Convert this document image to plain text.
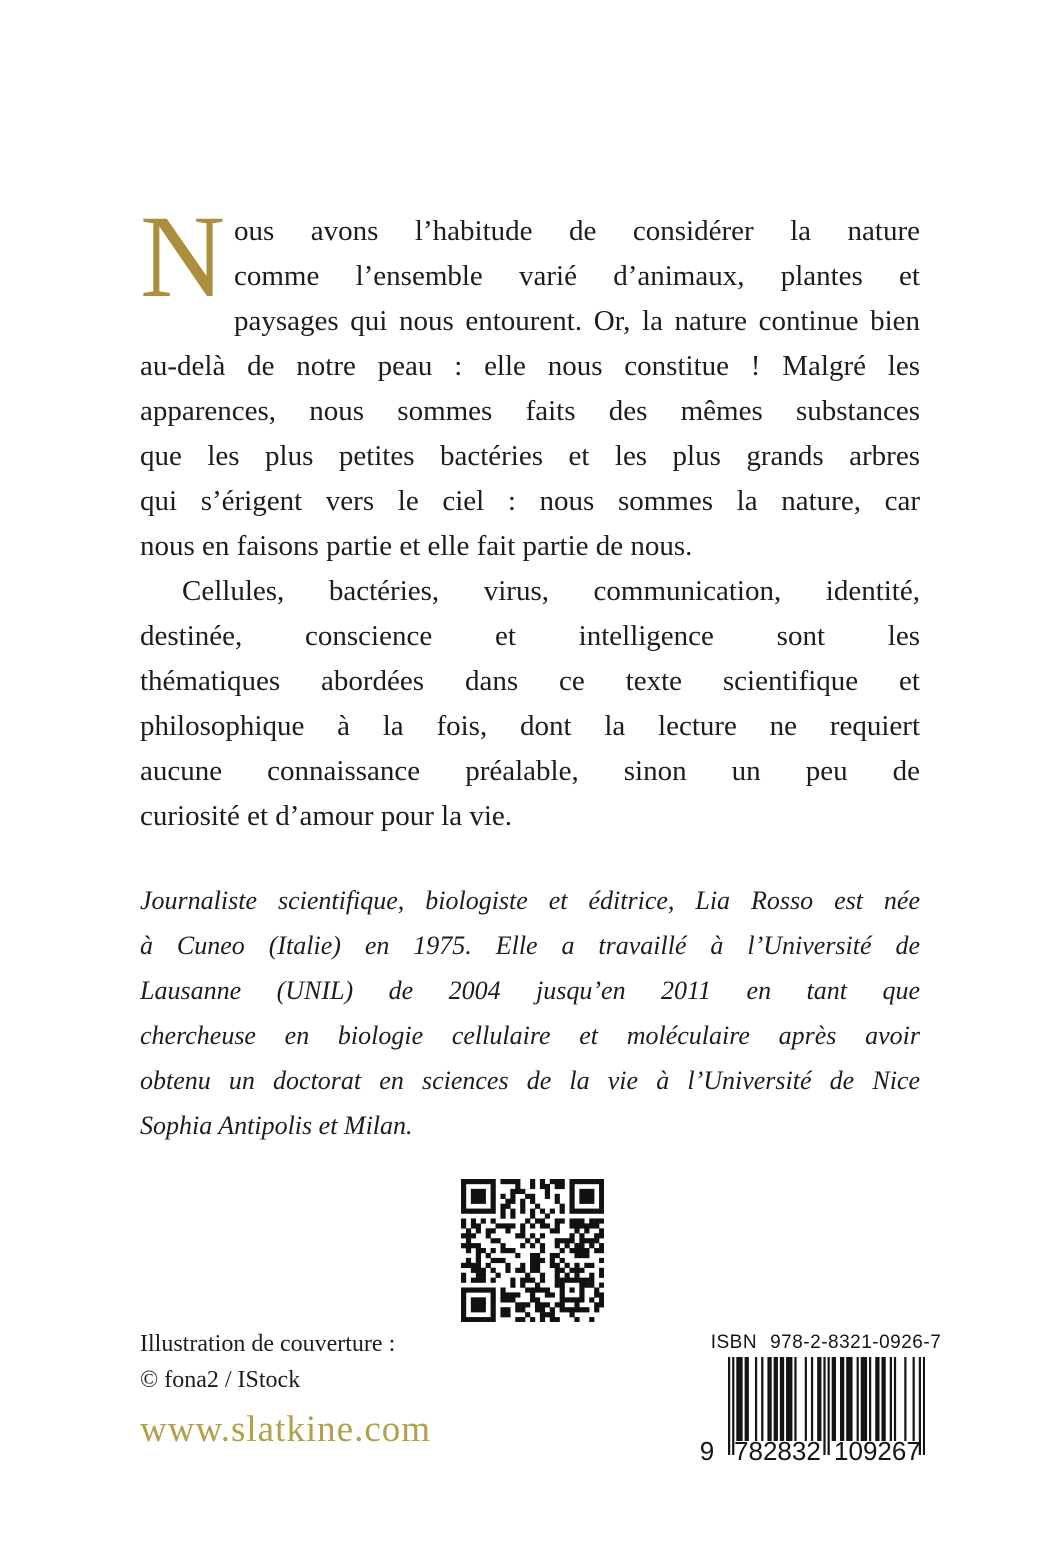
N ous avons l’habitude de considérer la nature
comme l’ensemble varié d’animaux, plantes et
paysages qui nous entourent. Or, la nature continue bien
au-delà de notre peau : elle nous constitue ! Malgré les
apparences, nous sommes faits des mêmes substances
que les plus petites bactéries et les plus grands arbres
qui s’érigent vers le ciel : nous sommes la nature, car
nous en faisons partie et elle fait partie de nous.
Cellules, bactéries, virus, communication, identité,
destinée, conscience et intelligence sont les
thématiques abordées dans ce texte scientifique et
philosophique à la fois, dont la lecture ne requiert
aucune connaissance préalable, sinon un peu de
curiosité et d’amour pour la vie.
Journaliste scientifique, biologiste et éditrice, Lia Rosso est née
à Cuneo (Italie) en 1975. Elle a travaillé à l’Université de
Lausanne (UNIL) de 2004 jusqu’en 2011 en tant que
chercheuse en biologie cellulaire et moléculaire après avoir
obtenu un doctorat en sciences de la vie à l’Université de Nice
Sophia Antipolis et Milan.
Illustration de couverture :
© fona2 / IStock
www.slatkine.com
ISBN 978-2-8321-0926-7
9 7 8 2 8 3 2 1 0 9 2 6 7
